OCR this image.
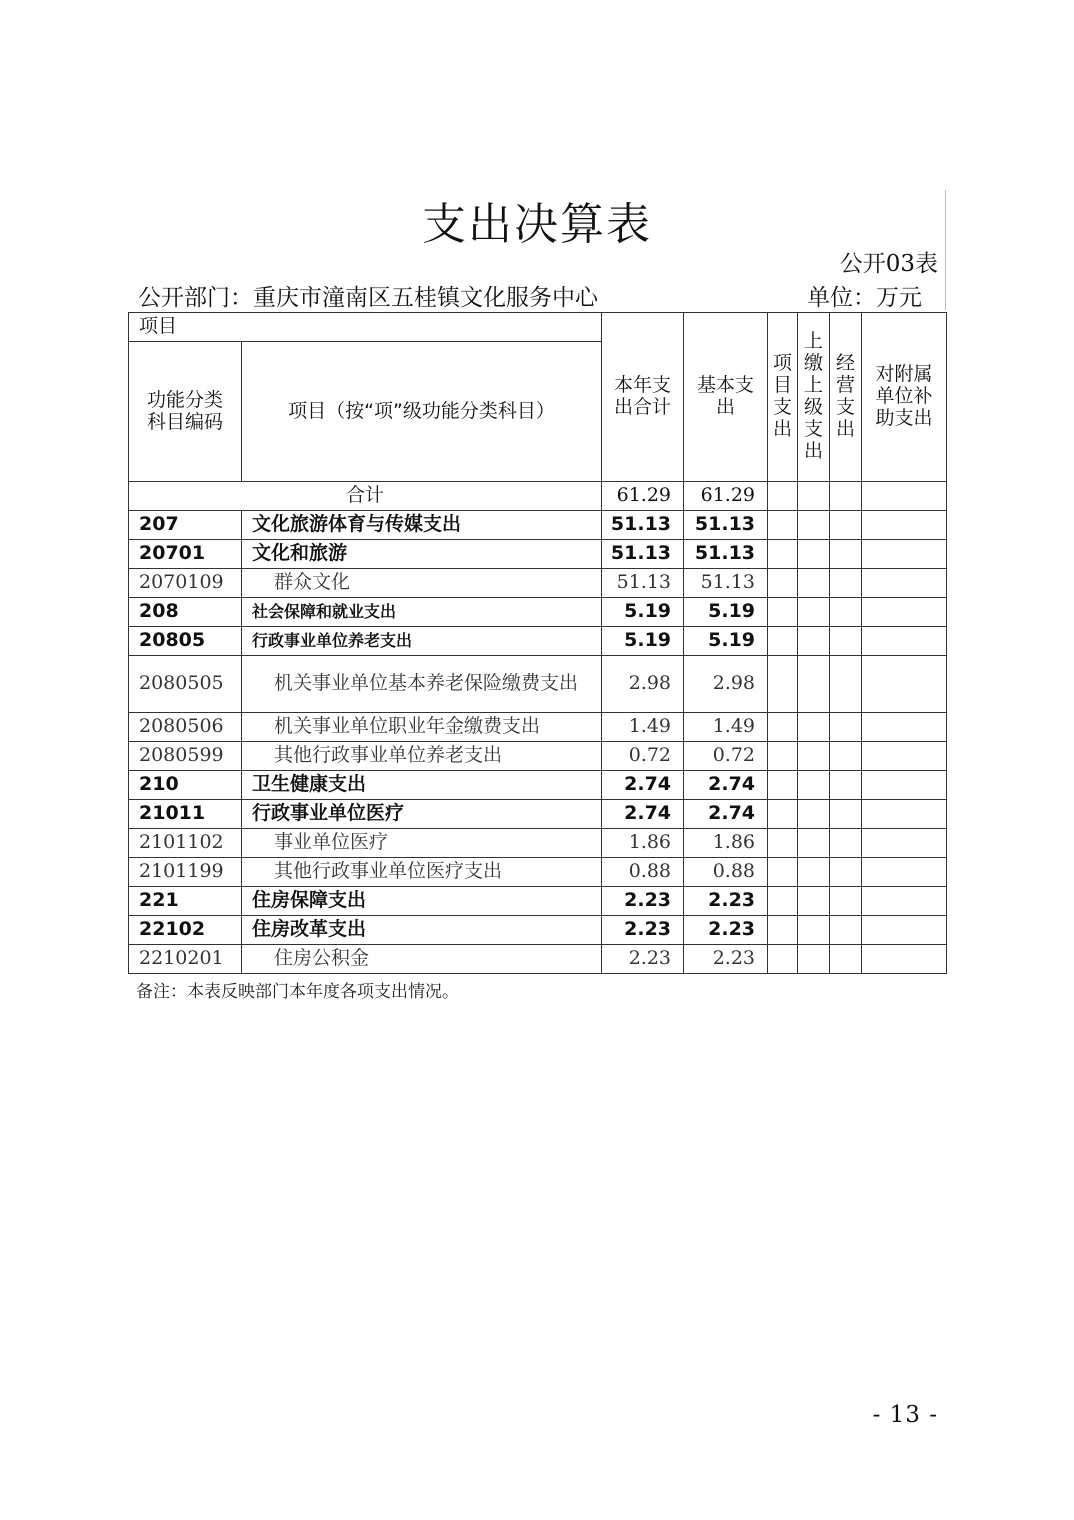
支出决算表
公开03表
公开部门：重庆市潼南区五桂镇文化服务中心	单位：万元
项目		本年支出合计	基本支出	项目支出	上缴上级支出	经营支出	对附属单位补助支出
功能分类科目编码	项目（按“项”级功能分类科目）						
合计		61.29	61.29				
207	文化旅游体育与传媒支出	51.13	51.13				
20701	文化和旅游	51.13	51.13				
2070109	群众文化	51.13	51.13				
208	社会保障和就业支出	5.19	5.19				
20805	行政事业单位养老支出	5.19	5.19				
2080505	机关事业单位基本养老保险缴费支出	2.98	2.98				
2080506	机关事业单位职业年金缴费支出	1.49	1.49				
2080599	其他行政事业单位养老支出	0.72	0.72				
210	卫生健康支出	2.74	2.74				
21011	行政事业单位医疗	2.74	2.74				
2101102	事业单位医疗	1.86	1.86				
2101199	其他行政事业单位医疗支出	0.88	0.88				
221	住房保障支出	2.23	2.23				
22102	住房改革支出	2.23	2.23				
2210201	住房公积金	2.23	2.23				
备注：本表反映部门本年度各项支出情况。
- 13 -
